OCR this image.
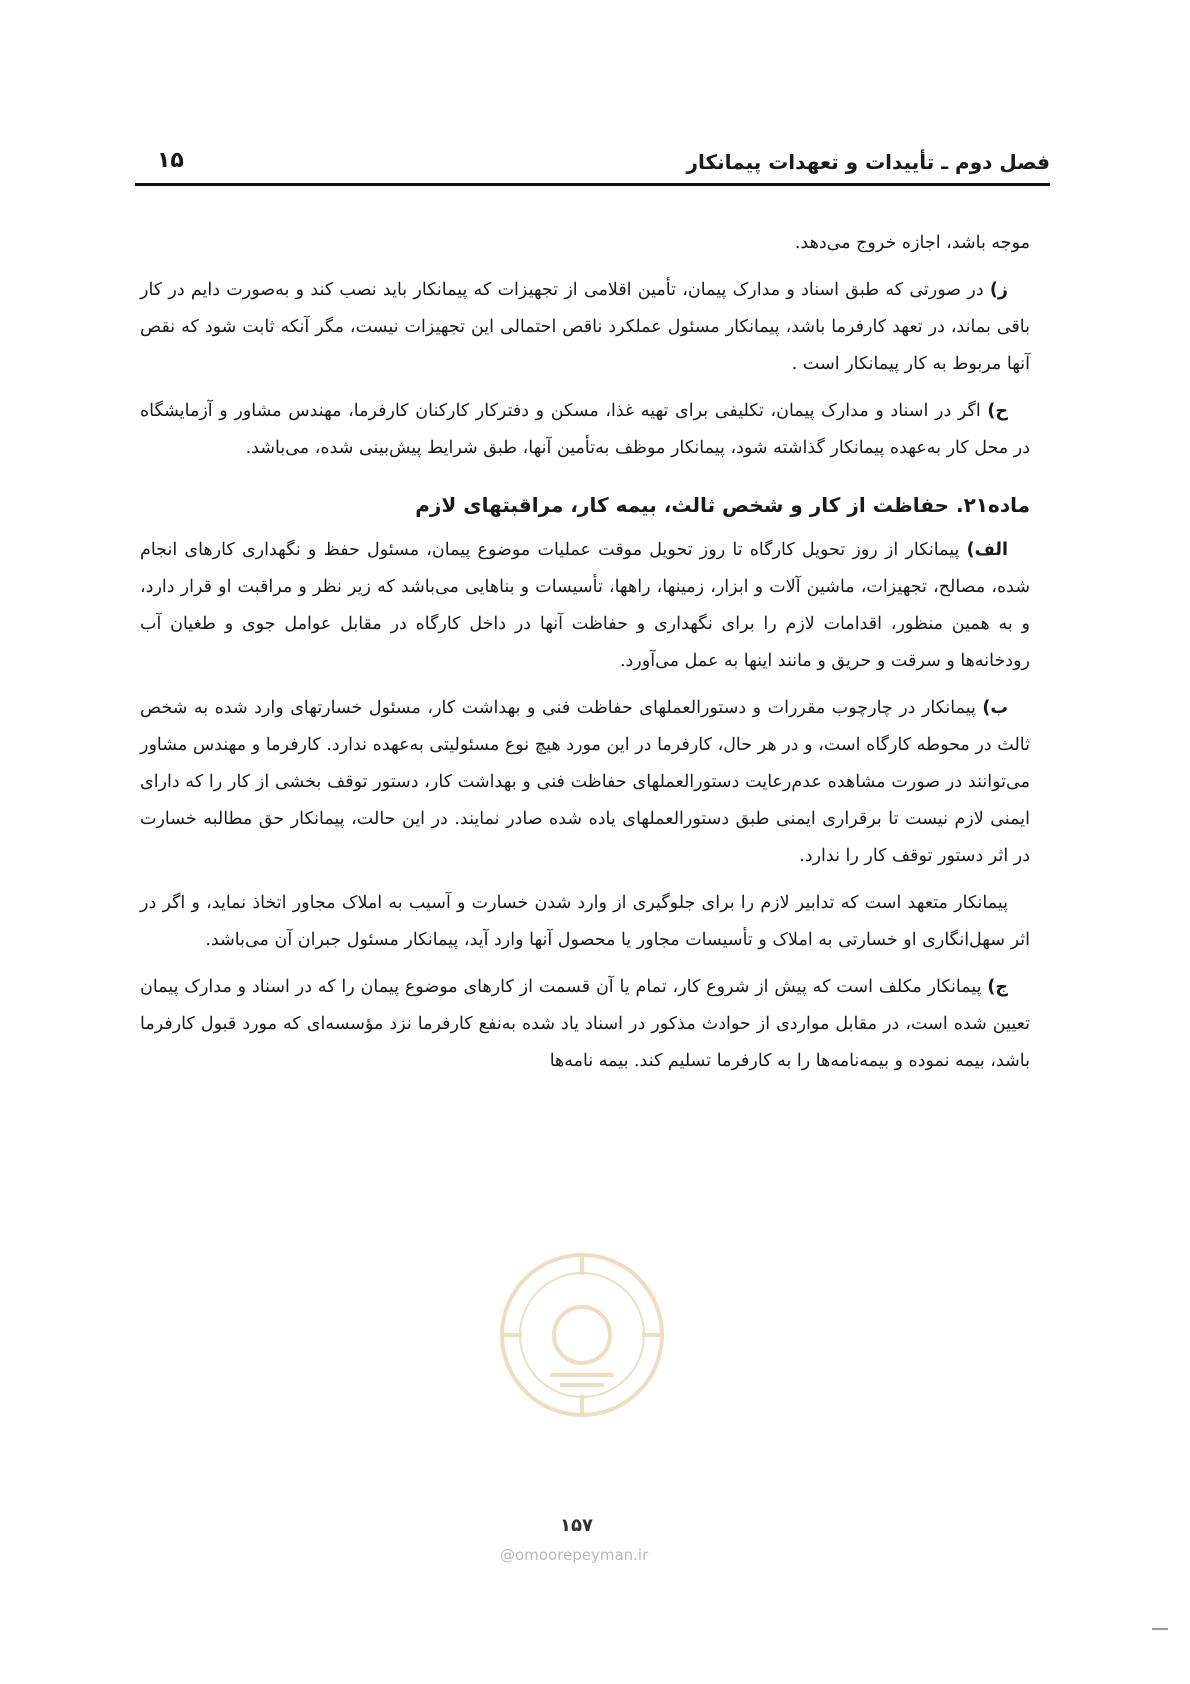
فصل دوم ـ تأییدات و تعهدات پیمانکار
۱۵

موجه باشد، اجازه خروج می‌دهد.

ز) در صورتی که طبق اسناد و مدارک پیمان، تأمین اقلامی از تجهیزات که پیمانکار باید نصب کند و به‌صورت دایم در کار باقی بماند، در تعهد کارفرما باشد، پیمانکار مسئول عملکرد ناقص احتمالی این تجهیزات نیست، مگر آنکه ثابت شود که نقص آنها مربوط به کار پیمانکار است .

ح) اگر در اسناد و مدارک پیمان، تکلیفی برای تهیه غذا، مسکن و دفترکار کارکنان کارفرما، مهندس مشاور و آزمایشگاه در محل کار به‌عهده پیمانکار گذاشته شود، پیمانکار موظف به‌تأمین آنها، طبق شرایط پیش‌بینی شده، می‌باشد.

ماده۲۱. حفاظت از کار و شخص ثالث، بیمه کار، مراقبتهای لازم

الف) پیمانکار از روز تحویل کارگاه تا روز تحویل موقت عملیات موضوع پیمان، مسئول حفظ و نگهداری کارهای انجام شده، مصالح، تجهیزات، ماشین آلات و ابزار، زمینها، راهها، تأسیسات و بناهایی می‌باشد که زیر نظر و مراقبت او قرار دارد، و به همین منظور، اقدامات لازم را برای نگهداری و حفاظت آنها در داخل کارگاه در مقابل عوامل جوی و طغیان آب رودخانه‌ها و سرقت و حریق و مانند اینها به عمل می‌آورد.

ب) پیمانکار در چارچوب مقررات و دستورالعملهای حفاظت فنی و بهداشت کار، مسئول خسارتهای وارد شده به شخص ثالث در محوطه کارگاه است، و در هر حال، کارفرما در این مورد هیچ نوع مسئولیتی به‌عهده ندارد. کارفرما و مهندس مشاور می‌توانند در صورت مشاهده عدم‌رعایت دستورالعملهای حفاظت فنی و بهداشت کار، دستور توقف بخشی از کار را که دارای ایمنی لازم نیست تا برقراری ایمنی طبق دستورالعملهای یاده شده صادر نمایند. در این حالت، پیمانکار حق مطالبه خسارت در اثر دستور توقف کار را ندارد.

پیمانکار متعهد است که تدابیر لازم را برای جلوگیری از وارد شدن خسارت و آسیب به املاک مجاور اتخاذ نماید، و اگر در اثر سهل‌انگاری او خسارتی به املاک و تأسیسات مجاور یا محصول آنها وارد آید، پیمانکار مسئول جبران آن می‌باشد.

ج) پیمانکار مکلف است که پیش از شروع کار، تمام یا آن قسمت از کارهای موضوع پیمان را که در اسناد و مدارک پیمان تعیین شده است، در مقابل مواردی از حوادث مذکور در اسناد یاد شده به‌نفع کارفرما نزد مؤسسه‌ای که مورد قبول کارفرما باشد، بیمه نموده و بیمه‌نامه‌ها را به کارفرما تسلیم کند. بیمه نامه‌ها

۱۵۷
@omoorepeyman.ir
